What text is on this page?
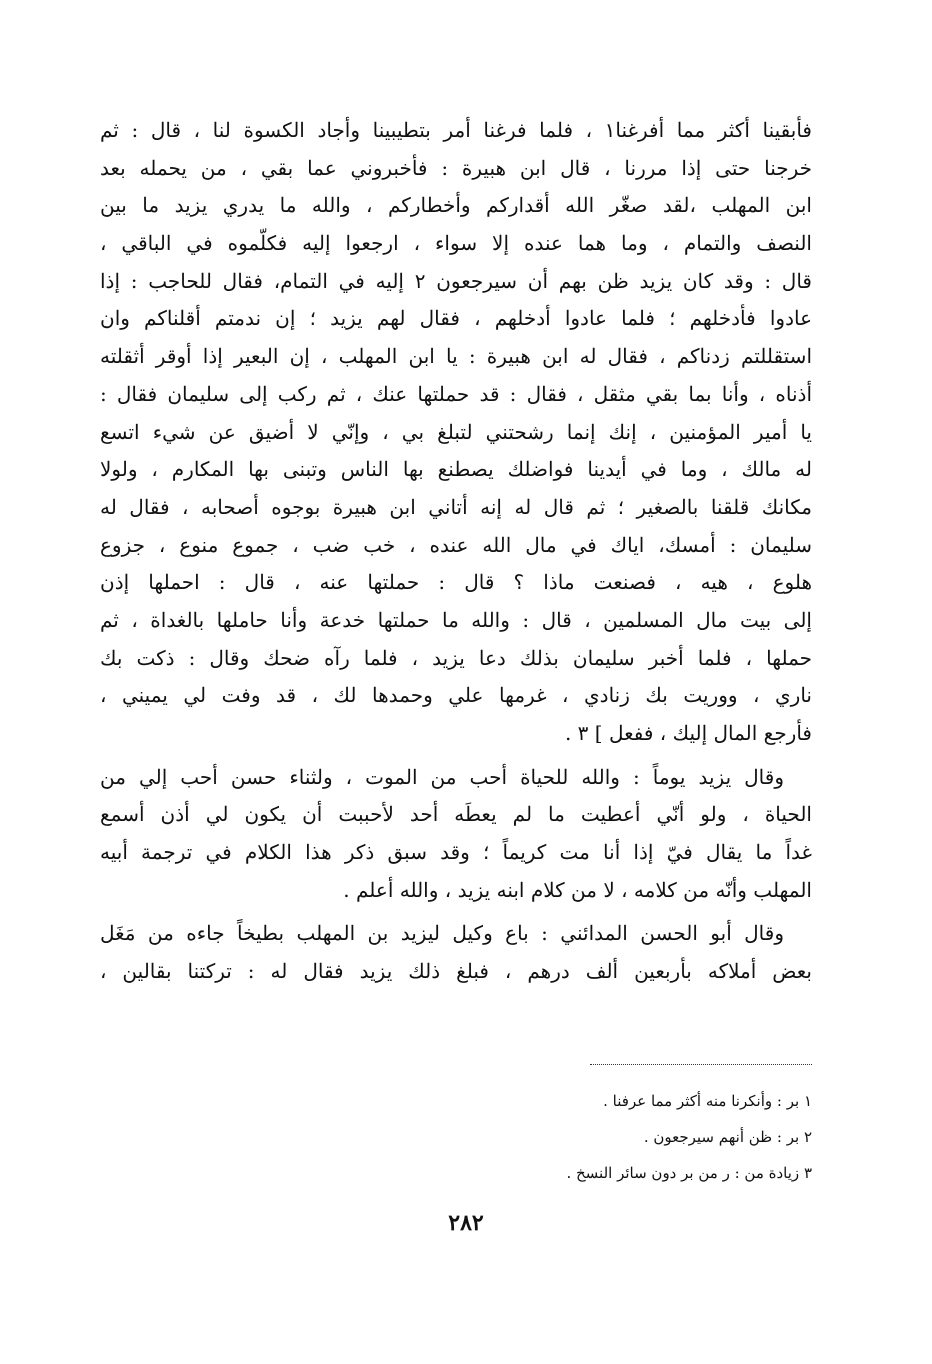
فأبقينا أكثر مما أفرغنا١ ، فلما فرغنا أمر بتطيبينا وأجاد الكسوة لنا ، قال : ثم
خرجنا حتى إذا مررنا ، قال ابن هبيرة : فأخبروني عما بقي ، من يحمله بعد
ابن المهلب ،لقد صغّر الله أقداركم وأخطاركم ، والله ما يدري يزيد ما بين
النصف والتمام ، وما هما عنده إلا سواء ، ارجعوا إليه فكلّموه في الباقي ،
قال : وقد كان يزيد ظن بهم أن سيرجعون ٢ إليه في التمام، فقال للحاجب : إذا
عادوا فأدخلهم ؛ فلما عادوا أدخلهم ، فقال لهم يزيد ؛ إن ندمتم أقلناكم وان
استقللتم زدناكم ، فقال له ابن هبيرة : يا ابن المهلب ، إن البعير إذا أوقر أثقلته
أذناه ، وأنا بما بقي مثقل ، فقال : قد حملتها عنك ، ثم ركب إلى سليمان فقال :
يا أمير المؤمنين ، إنك إنما رشحتني لتبلغ بي ، وإنّي لا أضيق عن شيء اتسع
له مالك ، وما في أيدينا فواضلك يصطنع بها الناس وتبنى بها المكارم ، ولولا
مكانك قلقنا بالصغير ؛ ثم قال له إنه أتاني ابن هبيرة بوجوه أصحابه ، فقال له
سليمان : أمسك، اياك في مال الله عنده ، خب ضب ، جموع منوع ، جزوع
هلوع ، هيه ، فصنعت ماذا ؟ قال : حملتها عنه ، قال : احملها إذن
إلى بيت مال المسلمين ، قال : والله ما حملتها خدعة وأنا حاملها بالغداة ، ثم
حملها ، فلما أخبر سليمان بذلك دعا يزيد ، فلما رآه ضحك وقال : ذكت بك
ناري ، ووريت بك زنادي ، غرمها علي وحمدها لك ، قد وفت لي يميني ،
فأرجع المال إليك ، ففعل ] ٣ .
وقال يزيد يوماً : والله للحياة أحب من الموت ، ولثناء حسن أحب إلي من
الحياة ، ولو أنّي أعطيت ما لم يعطَه أحد لأحببت أن يكون لي أذن أسمع
غداً ما يقال فيّ إذا أنا مت كريماً ؛ وقد سبق ذكر هذا الكلام في ترجمة أبيه
المهلب وأنّه من كلامه ، لا من كلام ابنه يزيد ، والله أعلم .
وقال أبو الحسن المدائني : باع وكيل ليزيد بن المهلب بطيخاً جاءه من مَغَل
بعض أملاكه بأربعين ألف درهم ، فبلغ ذلك يزيد فقال له : تركتنا بقالين ،
١ بر : وأنكرنا منه أكثر مما عرفنا .
٢ بر : ظن أنهم سيرجعون .
٣ زيادة من : ر من بر دون سائر النسخ .
٢٨٢
